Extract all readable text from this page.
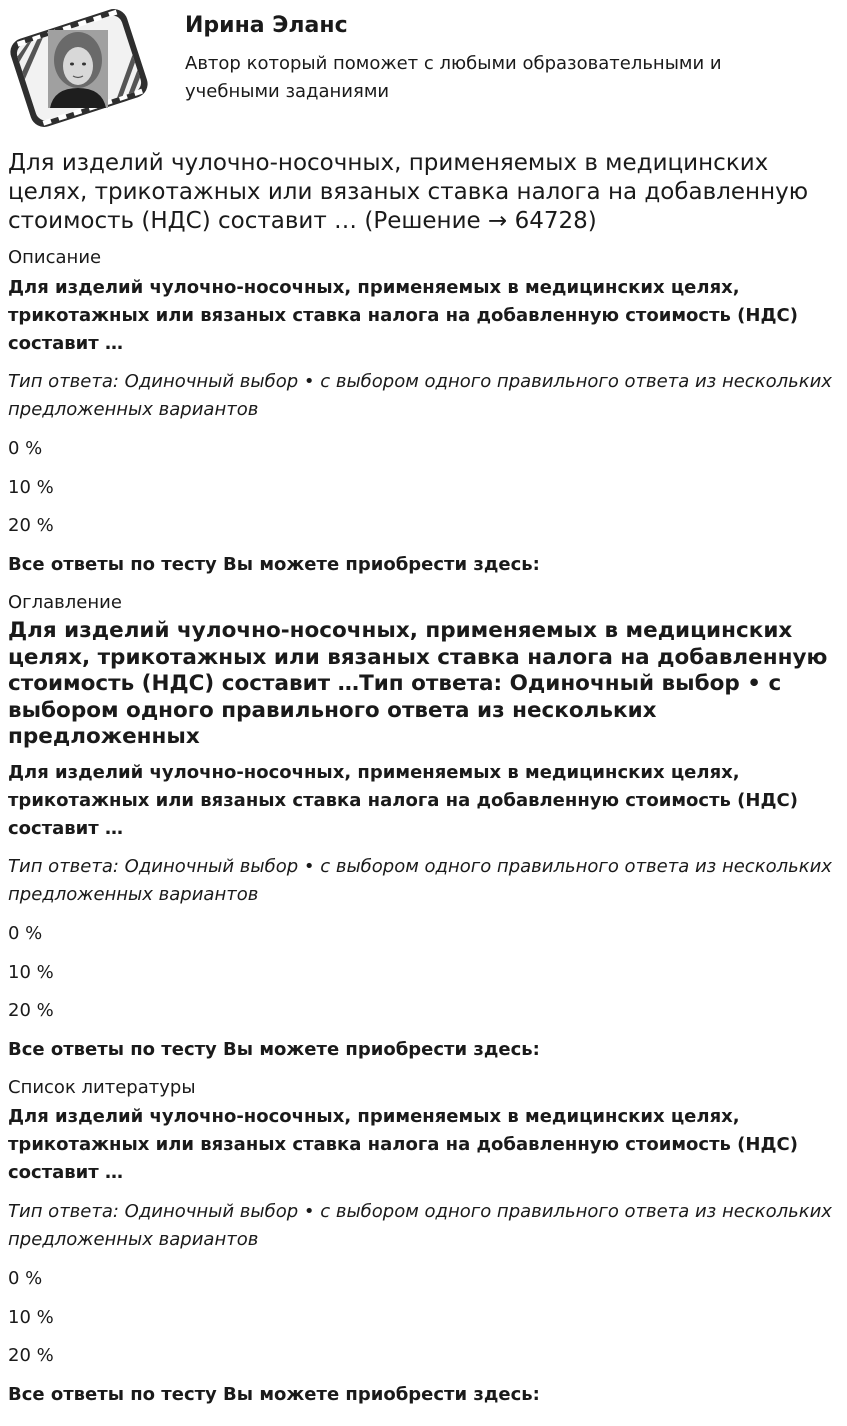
Ирина Эланс
Автор который поможет с любыми образовательными и учебными заданиями
Для изделий чулочно-носочных, применяемых в медицинских целях, трикотажных или вязаных ставка налога на добавленную стоимость (НДС) составит … (Решение → 64728)
Описание
Для изделий чулочно-носочных, применяемых в медицинских целях, трикотажных или вязаных ставка налога на добавленную стоимость (НДС) составит …
Тип ответа: Одиночный выбор • с выбором одного правильного ответа из нескольких предложенных вариантов
0 %
10 %
20 %
Все ответы по тесту Вы можете приобрести здесь:
Оглавление
Для изделий чулочно-носочных, применяемых в медицинских целях, трикотажных или вязаных ставка налога на добавленную стоимость (НДС) составит …Тип ответа: Одиночный выбор • с выбором одного правильного ответа из нескольких предложенных
Для изделий чулочно-носочных, применяемых в медицинских целях, трикотажных или вязаных ставка налога на добавленную стоимость (НДС) составит …
Тип ответа: Одиночный выбор • с выбором одного правильного ответа из нескольких предложенных вариантов
0 %
10 %
20 %
Все ответы по тесту Вы можете приобрести здесь:
Список литературы
Для изделий чулочно-носочных, применяемых в медицинских целях, трикотажных или вязаных ставка налога на добавленную стоимость (НДС) составит …
Тип ответа: Одиночный выбор • с выбором одного правильного ответа из нескольких предложенных вариантов
0 %
10 %
20 %
Все ответы по тесту Вы можете приобрести здесь:
